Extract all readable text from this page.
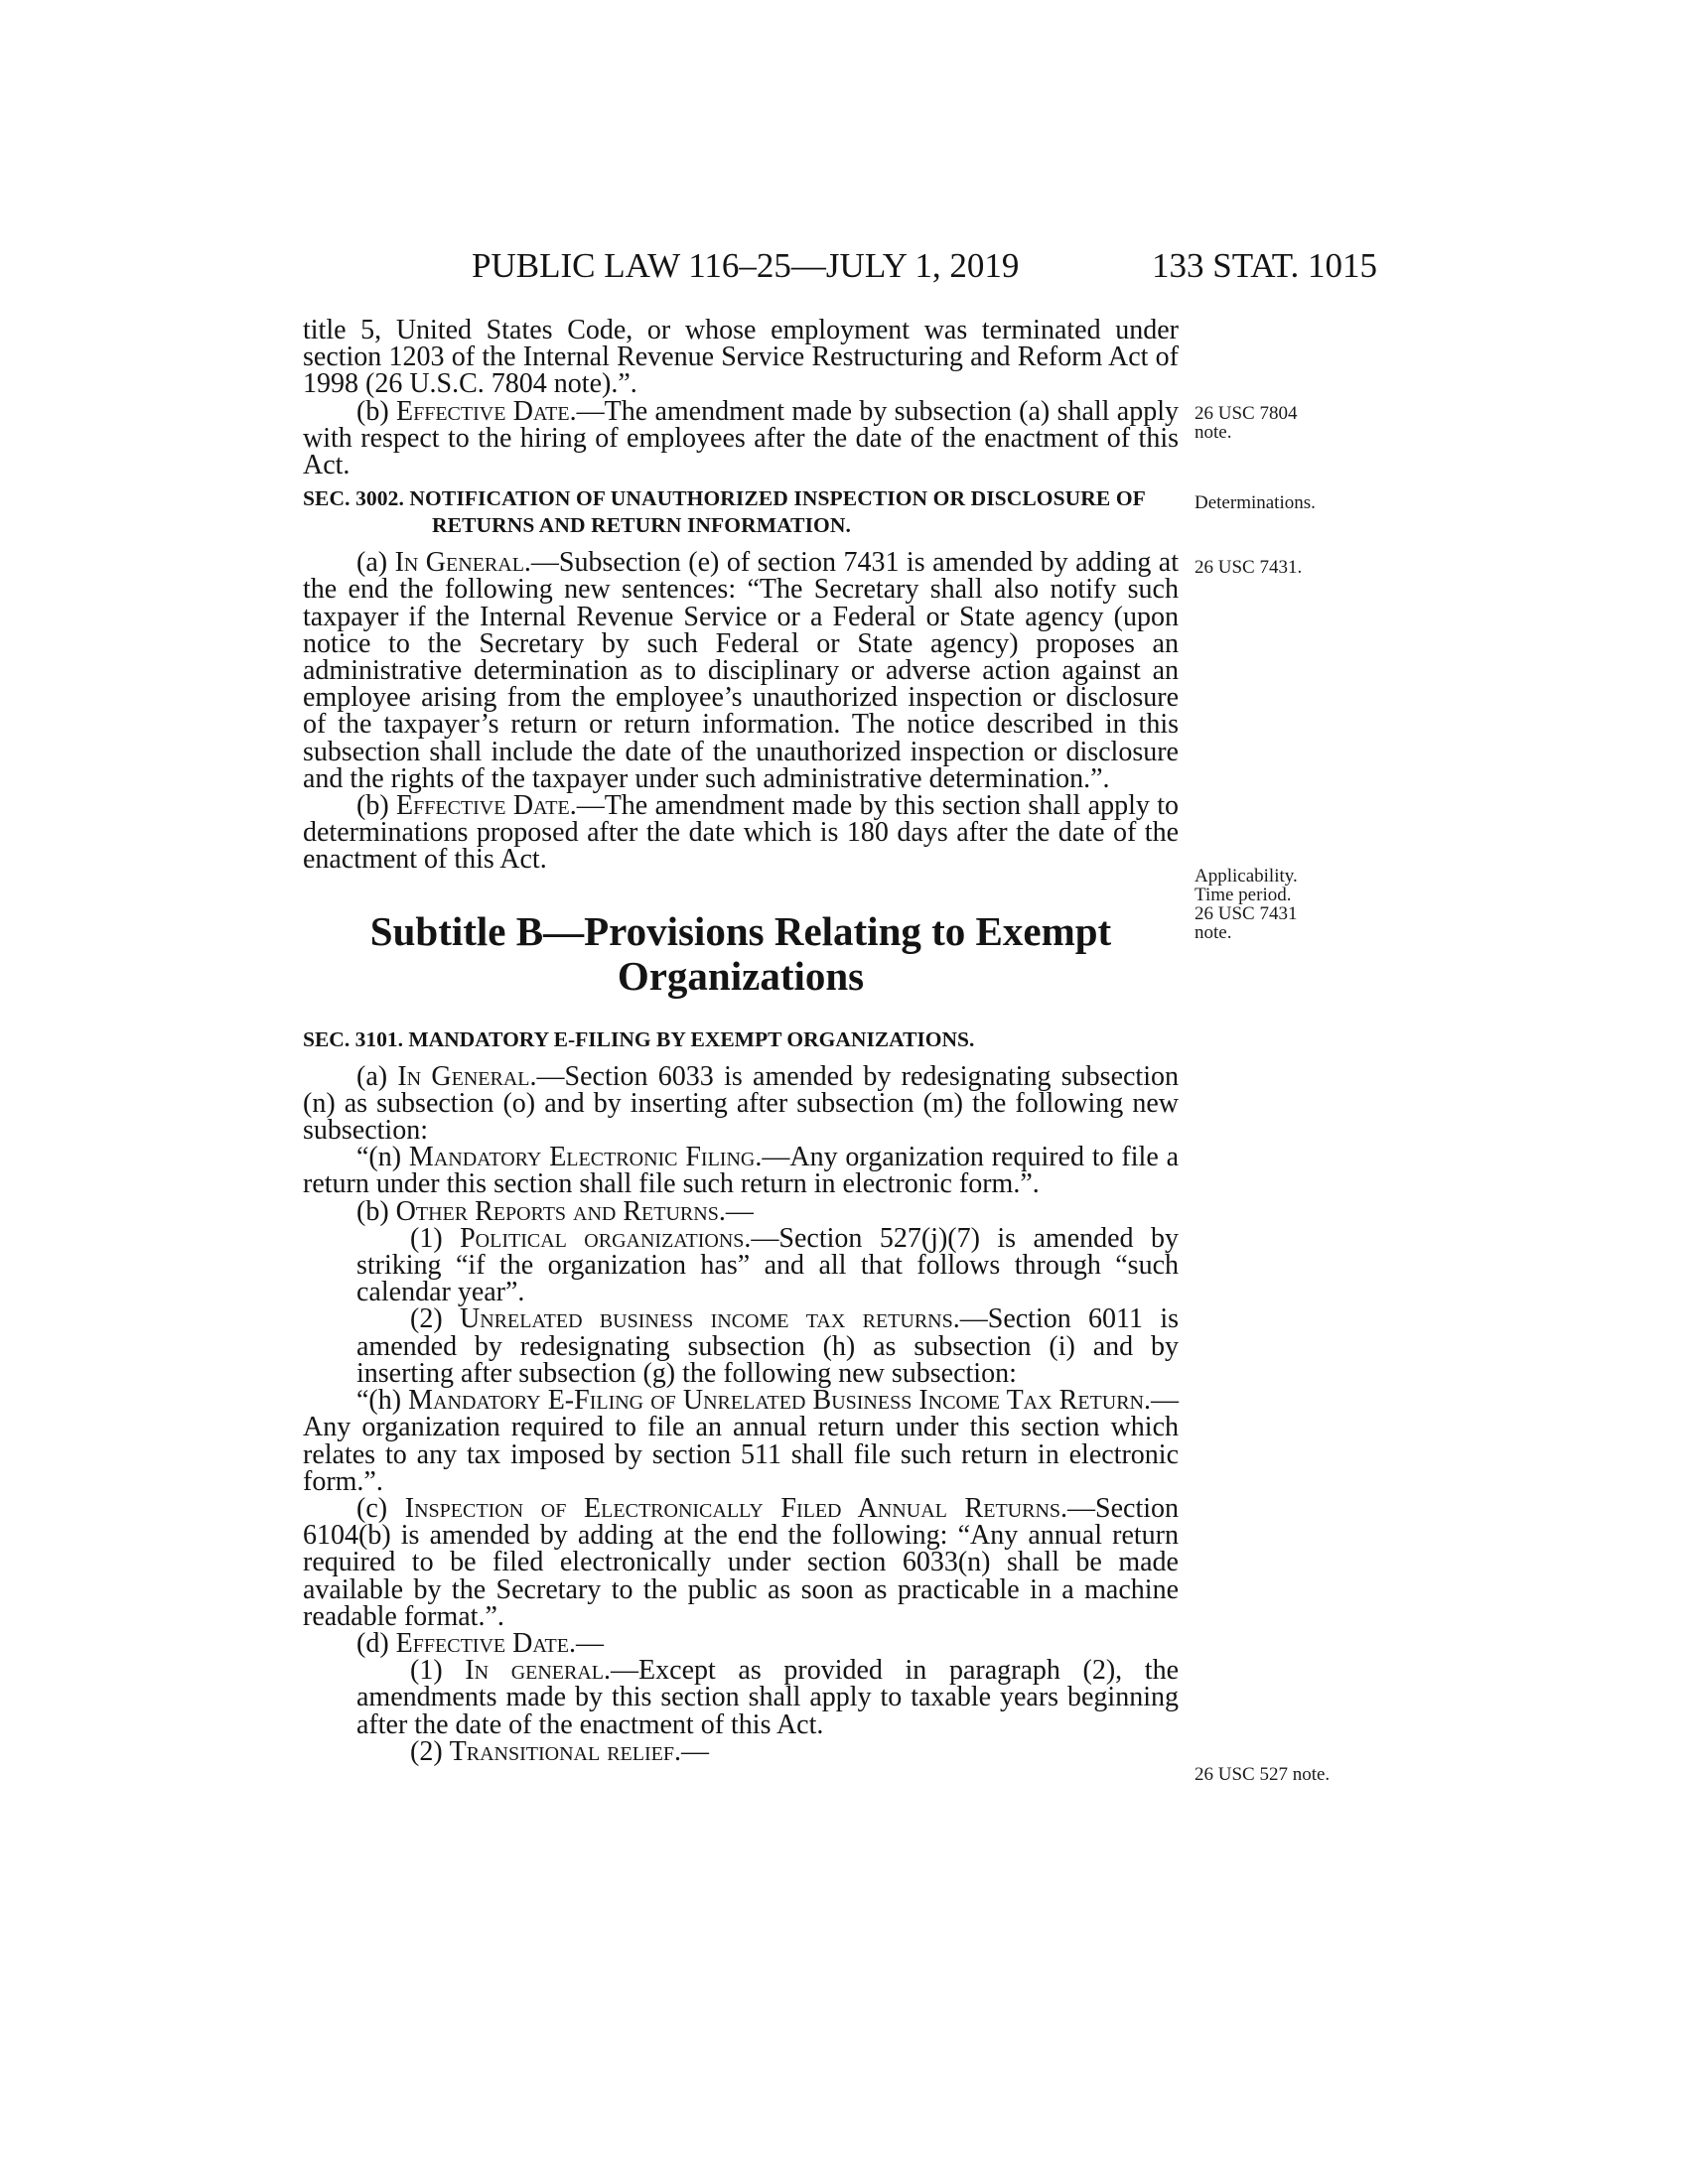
PUBLIC LAW 116–25—JULY 1, 2019	133 STAT. 1015

title 5, United States Code, or whose employment was terminated under section 1203 of the Internal Revenue Service Restructuring and Reform Act of 1998 (26 U.S.C. 7804 note).”.

(b) Effective Date.—The amendment made by subsection (a) shall apply with respect to the hiring of employees after the date of the enactment of this Act.

SEC. 3002. NOTIFICATION OF UNAUTHORIZED INSPECTION OR DISCLOSURE OF RETURNS AND RETURN INFORMATION.

(a) In General.—Subsection (e) of section 7431 is amended by adding at the end the following new sentences: “The Secretary shall also notify such taxpayer if the Internal Revenue Service or a Federal or State agency (upon notice to the Secretary by such Federal or State agency) proposes an administrative determination as to disciplinary or adverse action against an employee arising from the employee’s unauthorized inspection or disclosure of the taxpayer’s return or return information. The notice described in this subsection shall include the date of the unauthorized inspection or disclosure and the rights of the taxpayer under such administrative determination.”.

(b) Effective Date.—The amendment made by this section shall apply to determinations proposed after the date which is 180 days after the date of the enactment of this Act.

Subtitle B—Provisions Relating to Exempt Organizations

SEC. 3101. MANDATORY E-FILING BY EXEMPT ORGANIZATIONS.

(a) In General.—Section 6033 is amended by redesignating subsection (n) as subsection (o) and by inserting after subsection (m) the following new subsection:

“(n) Mandatory Electronic Filing.—Any organization required to file a return under this section shall file such return in electronic form.”.

(b) Other Reports and Returns.—

(1) Political organizations.—Section 527(j)(7) is amended by striking “if the organization has” and all that follows through “such calendar year”.

(2) Unrelated business income tax returns.—Section 6011 is amended by redesignating subsection (h) as subsection (i) and by inserting after subsection (g) the following new subsection:

“(h) Mandatory E-Filing of Unrelated Business Income Tax Return.—Any organization required to file an annual return under this section which relates to any tax imposed by section 511 shall file such return in electronic form.”.

(c) Inspection of Electronically Filed Annual Returns.—Section 6104(b) is amended by adding at the end the following: “Any annual return required to be filed electronically under section 6033(n) shall be made available by the Secretary to the public as soon as practicable in a machine readable format.”.

(d) Effective Date.—

(1) In general.—Except as provided in paragraph (2), the amendments made by this section shall apply to taxable years beginning after the date of the enactment of this Act.

(2) Transitional relief.—

26 USC 7804 note.
Determinations.
26 USC 7431.
Applicability.
Time period.
26 USC 7431 note.
26 USC 527 note.
